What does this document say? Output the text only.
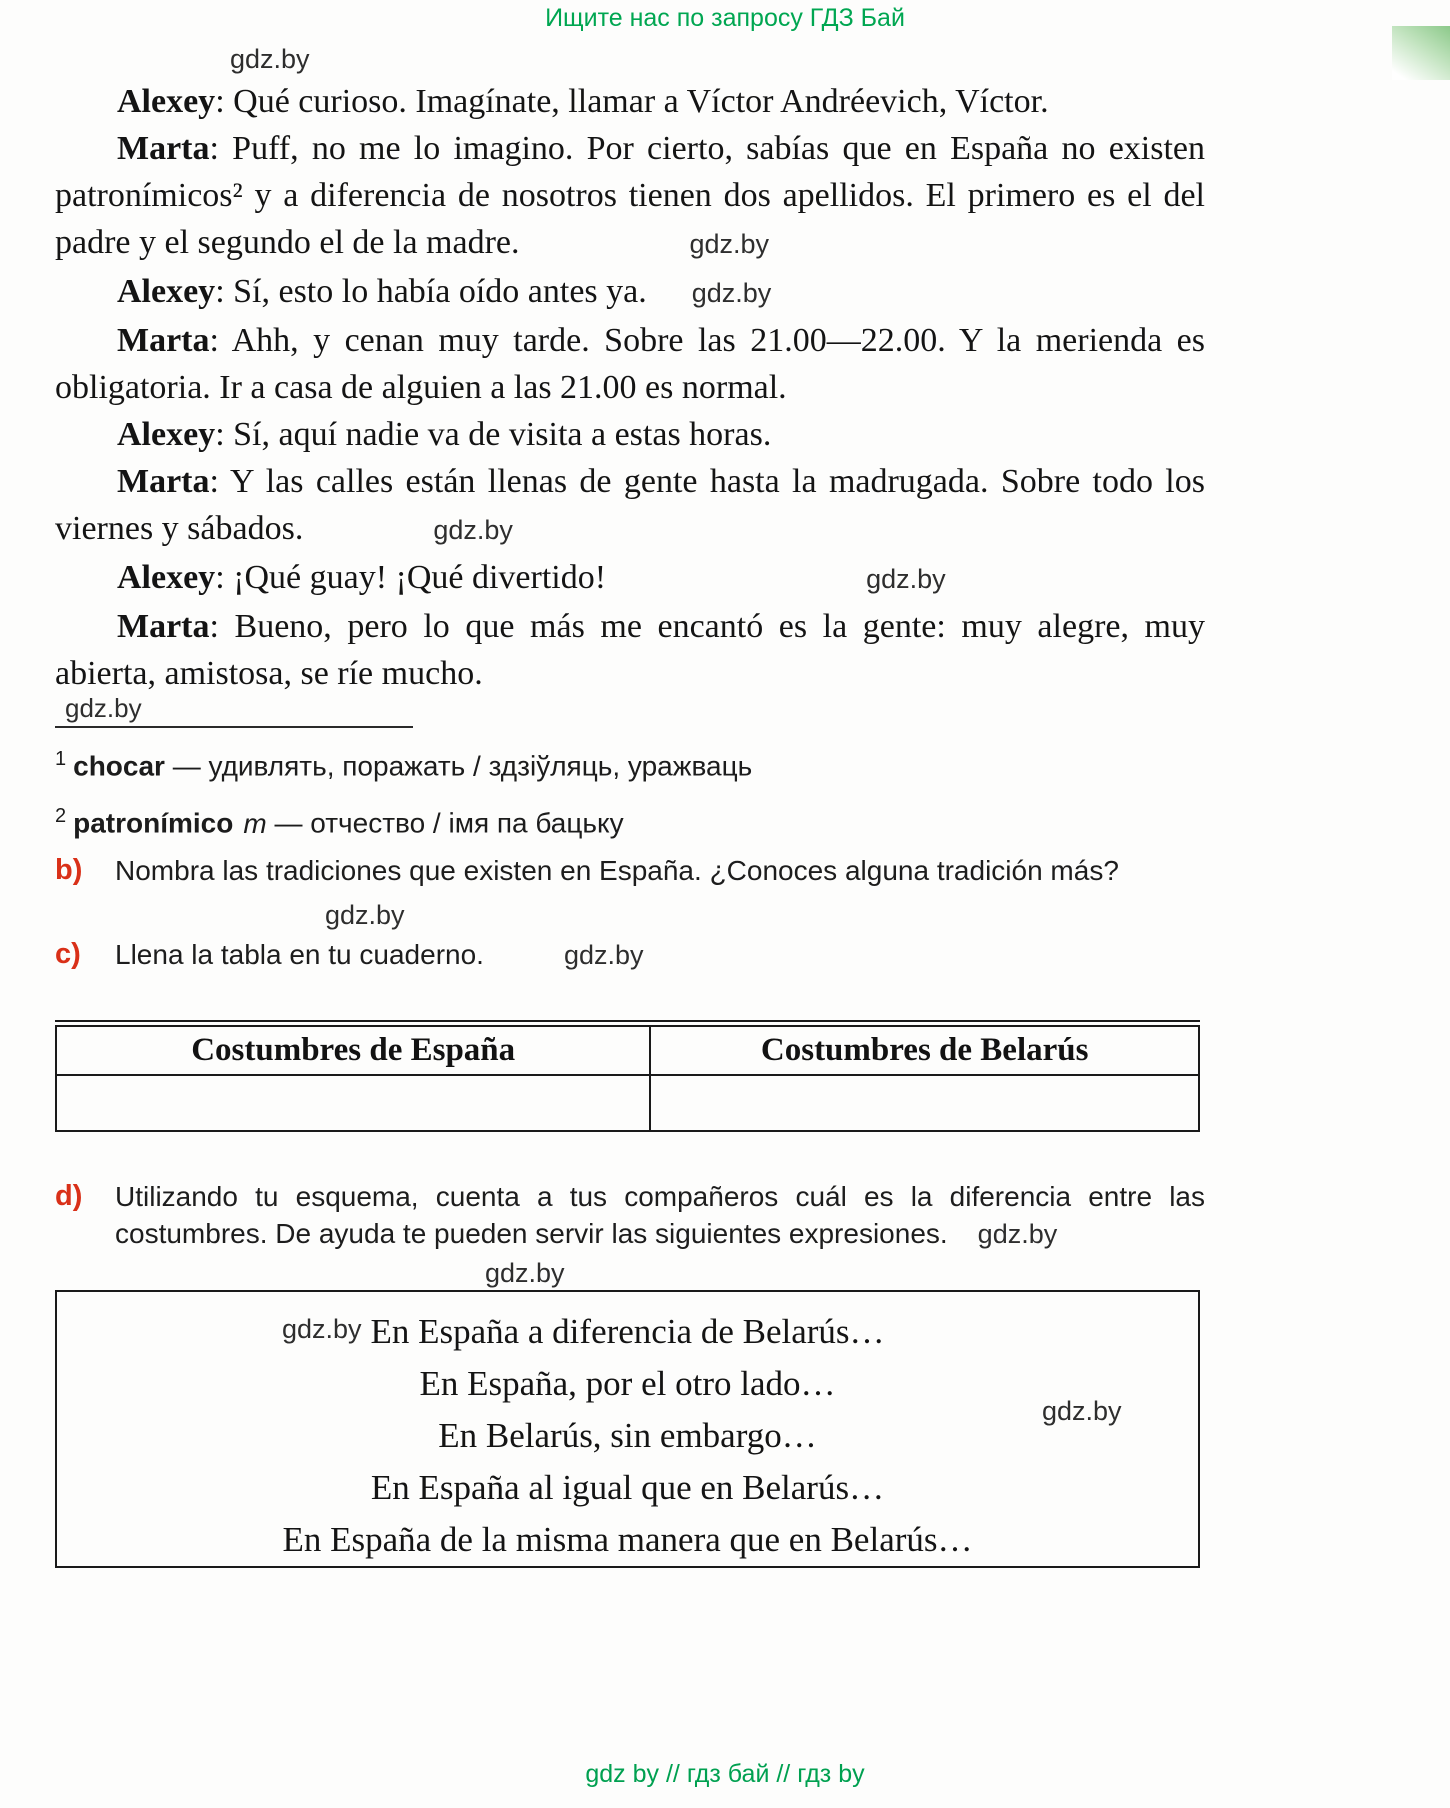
Ищите нас по запросу ГДЗ Бай
gdz.by

Alexey: Qué curioso. Imagínate, llamar a Víctor Andréevich, Víctor.

Marta: Puff, no me lo imagino. Por cierto, sabías que en España no existen patronímicos² y a diferencia de nosotros tienen dos apellidos. El primero es el del padre y el segundo el de la madre.	gdz.by

Alexey: Sí, esto lo había oído antes ya. gdz.by

Marta: Ahh, y cenan muy tarde. Sobre las 21.00—22.00. Y la merienda es obligatoria. Ir a casa de alguien a las 21.00 es normal.

Alexey: Sí, aquí nadie va de visita a estas horas.

Marta: Y las calles están llenas de gente hasta la madrugada. Sobre todo los viernes y sábados.	gdz.by

Alexey: ¡Qué guay! ¡Qué divertido!	gdz.by

Marta: Bueno, pero lo que más me encantó es la gente: muy alegre, muy abierta, amistosa, se ríe mucho.

gdz.by
$^1$ chocar — удивлять, поражать / здзіўляць, уражваць
$^2$ patronímico m — отчество / імя па бацьку
b)	Nombra las tradiciones que existen en España. ¿Conoces alguna tradición más?
gdz.by
c)	Llena la tabla en tu cuaderno.	gdz.by
Costumbres de España	Costumbres de Belarús

d)	Utilizando tu esquema, cuenta a tus compañeros cuál es la diferencia entre las costumbres. De ayuda te pueden servir las siguientes expresiones. gdz.by
gdz.by
gdz.by
gdz.by
En España a diferencia de Belarús…
En España, por el otro lado…
En Belarús, sin embargo…
En España al igual que en Belarús…
En España de la misma manera que en Belarús…
gdz by // гдз бай // гдз by
